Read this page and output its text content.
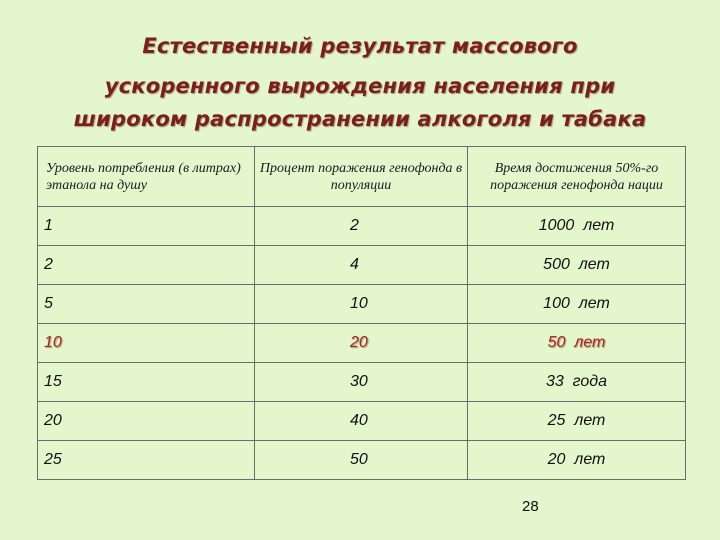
Естественный результат массового
ускоренного вырождения населения при
широком распространении алкоголя и табака
Уровень потребления (в литрах) этанола на душу	Процент поражения генофонда в популяции	Время достижения 50%-го поражения генофонда нации
1	2	1000  лет
2	4	500  лет
5	10	100  лет
10	20	50  лет
15	30	33  года
20	40	25  лет
25	50	20  лет
28
